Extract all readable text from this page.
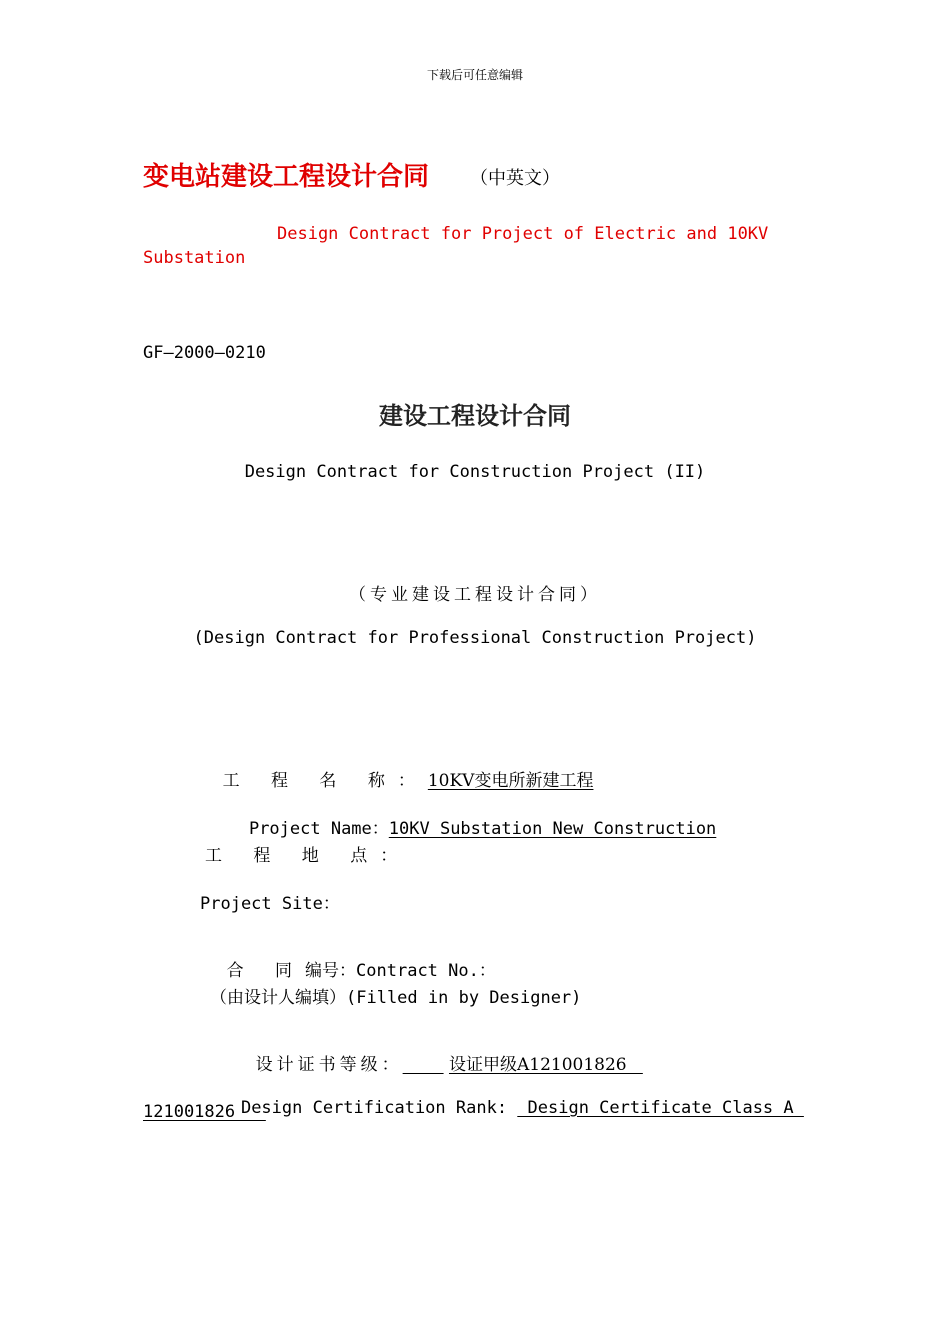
下载后可任意编辑
变电站建设工程设计合同 （中英文）
Design Contract for Project of Electric and 10KV
Substation
GF—2000—0210
建设工程设计合同
Design Contract for Construction Project (II)
（专业建设工程设计合同）
(Design Contract for Professional Construction Project)

工 程 名 称：10KV变电所新建工程

Project Name：10KV Substation New Construction

工 程 地 点：
Project Site：

合 同编号：Contract No.：

（由设计人编填）(Filled in by Designer)

设计证书等级：	设证甲级A121001826

Design Certification Rank:  Design Certificate Class A

121001826
